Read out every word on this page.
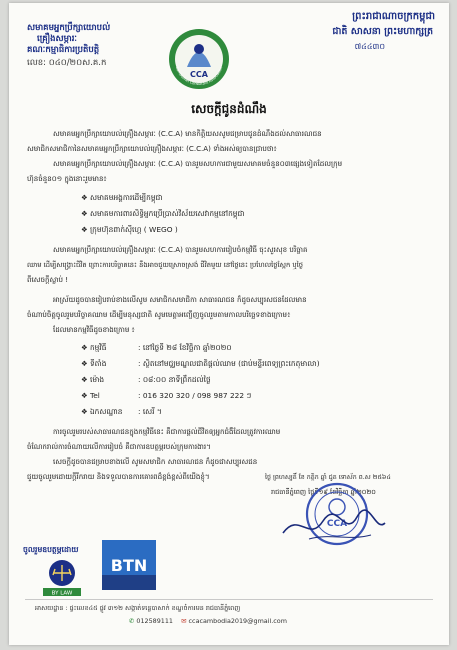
សមាគមអ្នកប្រឹក្សាយោបល់
គ្រឿងសម្ភារៈ
គណៈកម្មាធិការប្រតិបត្តិ
លេខ: ០៤០/២០ស.គ.ក
ព្រះរាជាណាចក្រកម្ពុជា
ជាតិ សាសនា ព្រះមហាក្សត្រ
៧៤៤៣០
CCA
Cambodian Consultant Association
សេចក្ដីជូនដំណឹង
សមាគមអ្នកប្រឹក្សាយោបល់គ្រឿងសម្ភារៈ (C.C.A) មានកិត្តិយសសូមជម្រាបជូនដំណឹងដល់សាធារណជន
សមាជិកសមាជិកានៃសមាគមអ្នកប្រឹក្សាយោបល់គ្រឿងសម្ភារៈ (C.C.A) ទាំងអស់ឲ្យបានជ្រាបថា៖
សមាគមអ្នកប្រឹក្សាយោបល់គ្រឿងសម្ភារៈ (C.C.A) បានរួមសហការជាមួយសមាគមចំនួន០៣ផ្សេងទៀតដែលក្រុម
ហ៊ុនចំនួន០១ ក្នុងនោះរួមមាន៖
❖ សមាគមអង្គការដើម្បីកម្ពុជា
❖ សមាគមការពារសិទ្ធិអ្នកប្រើប្រាស់វិស័យសេវាកម្មនៅកម្ពុជា
❖ ក្រុមហ៊ុនពាក់ស៊ីហ្គេ ( WEGO )
សមាគមអ្នកប្រឹក្សាយោបល់គ្រឿងសម្ភារៈ (C.C.A) បានរួមសហការរៀបចំកម្មវិធី ចុះសួរសុខ បរិច្ចាគ
ឈាម ដើម្បីសង្គ្រោះជីវិត ព្រោះការបរិច្ចាគនេះ នឹងអាចជួយស្រោចស្រង់ ជីវិតមួយ នៅថ្ងៃនេះ ប្រហែលថ្ងៃស្អែក ឬថ្ងៃ
ពីសេចក្ដីស្លាប់ !
អាស្រ័យដូចបានរៀបរាប់ខាងលើសូម សមាជិកសមាជិកា សាធារណជន ក៏ដូចសប្បុរសជនដែលមាន
ចំណាប់ចិត្តចូលរួមបរិច្ចាគឈាម ដើម្បីមនុស្សជាតិ សូមមេត្តាអញ្ជើញចូលរួមតាមកាលបរិច្ឆេទខាងក្រោម៖
ដែលមានកម្មវិធីដូចខាងក្រោម ៖
❖ កម្មវិធី	: នៅថ្ងៃទី ២៨ ខែវិច្ឆិកា ឆ្នាំ២០២០
❖ ទីតាំង	: ស្ថិតនៅមជ្ឈមណ្ឌលជាតិផ្ដល់ឈាម (ជាប់មន្ទីរពេទ្យព្រះកេតុមាលា)
❖ ម៉ោង	: ០៨:០០ នាទីព្រឹកដល់ថ្ងៃ
❖ Tel	: 016 320 320 / 098 987 222 ៗ
❖ ឯកសណ្ឋាន : សេរី ។
ការចូលរួមរបស់សាធារណជនក្នុងកម្មវិធីនេះ គឺជាការផ្ដល់ជីវិតឲ្យអ្នកជំងឺដែលត្រូវការឈាម
ចំណែករាល់ការចំណាយលើ​ការរៀបចំ គឺជាការឧបត្ថម្ភរបស់ក្រុមការងារ។
សេចក្ដីដូចបានជម្រាបខាងលើ សូមសមាជិក សាធារណជន ក៏ដូចជាសប្បុរសជន
ជួយចូលរួមដោយក្ដីរីករាយ និងទទួលបានការគោរពដ៏ខ្ពង់ខ្ពស់ពីយើងខ្ញុំ។	ថ្ងៃ ព្រហស្បតិ៍ ខែ កត្តិក ឆ្នាំ ជូត ទោស័ក ព.ស ២៥៦៤
រាជធានីភ្នំពេញ ថ្ងៃទី១៩ ខែវិច្ឆិកា ឆ្នាំ២០២០
CCA
ចូលរួមឧបត្ថម្ភដោយ
BY LAW
BTN
អាសយដ្ឋាន : ផ្ទះលេខ៤៥ ផ្លូវ ៣១២ សង្កាត់ទន្លេបាសាក់ ខណ្ឌចំការមន រាជធានីភ្នំពេញ
✆ 012589111 ✉ ccacambodia2019@gmail.com
